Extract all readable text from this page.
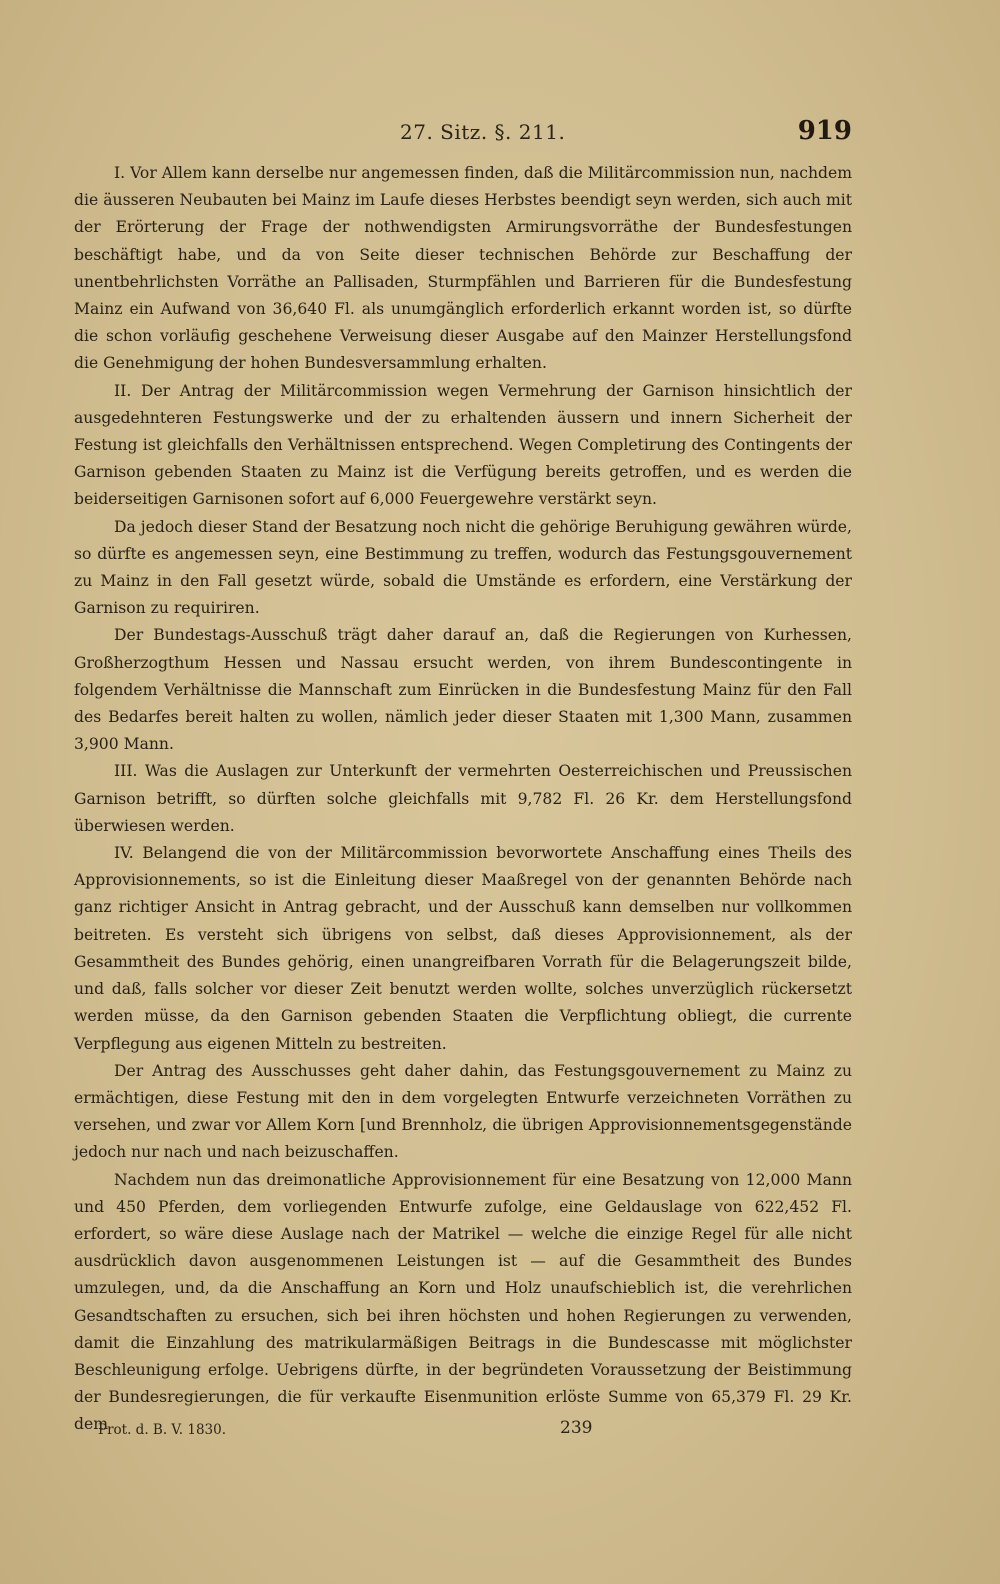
27. Sitz. §. 211.	919

I. Vor Allem kann derselbe nur angemessen finden, daß die Militärcommission nun, nachdem die äusseren Neubauten bei Mainz im Laufe dieses Herbstes beendigt seyn werden, sich auch mit der Erörterung der Frage der nothwendigsten Armirungsvorräthe der Bundesfestungen beschäftigt habe, und da von Seite dieser technischen Behörde zur Beschaffung der unentbehrlichsten Vorräthe an Pallisaden, Sturmpfählen und Barrieren für die Bundesfestung Mainz ein Aufwand von 36,640 Fl. als unumgänglich erforderlich erkannt worden ist, so dürfte die schon vorläufig geschehene Verweisung dieser Ausgabe auf den Mainzer Herstellungsfond die Genehmigung der hohen Bundesversammlung erhalten.

II. Der Antrag der Militärcommission wegen Vermehrung der Garnison hinsichtlich der ausgedehnteren Festungswerke und der zu erhaltenden äussern und innern Sicherheit der Festung ist gleichfalls den Verhältnissen entsprechend. Wegen Completirung des Contingents der Garnison gebenden Staaten zu Mainz ist die Verfügung bereits getroffen, und es werden die beiderseitigen Garnisonen sofort auf 6,000 Feuergewehre verstärkt seyn.

Da jedoch dieser Stand der Besatzung noch nicht die gehörige Beruhigung gewähren würde, so dürfte es angemessen seyn, eine Bestimmung zu treffen, wodurch das Festungsgouvernement zu Mainz in den Fall gesetzt würde, sobald die Umstände es erfordern, eine Verstärkung der Garnison zu requiriren.

Der Bundestags-Ausschuß trägt daher darauf an, daß die Regierungen von Kurhessen, Großherzogthum Hessen und Nassau ersucht werden, von ihrem Bundescontingente in folgendem Verhältnisse die Mannschaft zum Einrücken in die Bundesfestung Mainz für den Fall des Bedarfes bereit halten zu wollen, nämlich jeder dieser Staaten mit 1,300 Mann, zusammen 3,900 Mann.

III. Was die Auslagen zur Unterkunft der vermehrten Oesterreichischen und Preussischen Garnison betrifft, so dürften solche gleichfalls mit 9,782 Fl. 26 Kr. dem Herstellungsfond überwiesen werden.

IV. Belangend die von der Militärcommission bevorwortete Anschaffung eines Theils des Approvisionnements, so ist die Einleitung dieser Maaßregel von der genannten Behörde nach ganz richtiger Ansicht in Antrag gebracht, und der Ausschuß kann demselben nur vollkommen beitreten. Es versteht sich übrigens von selbst, daß dieses Approvisionnement, als der Gesammtheit des Bundes gehörig, einen unangreifbaren Vorrath für die Belagerungszeit bilde, und daß, falls solcher vor dieser Zeit benutzt werden wollte, solches unverzüglich rückersetzt werden müsse, da den Garnison gebenden Staaten die Verpflichtung obliegt, die currente Verpflegung aus eigenen Mitteln zu bestreiten.

Der Antrag des Ausschusses geht daher dahin, das Festungsgouvernement zu Mainz zu ermächtigen, diese Festung mit den in dem vorgelegten Entwurfe verzeichneten Vorräthen zu versehen, und zwar vor Allem Korn [und Brennholz, die übrigen Approvisionnementsgegenstände jedoch nur nach und nach beizuschaffen.

Nachdem nun das dreimonatliche Approvisionnement für eine Besatzung von 12,000 Mann und 450 Pferden, dem vorliegenden Entwurfe zufolge, eine Geldauslage von 622,452 Fl. erfordert, so wäre diese Auslage nach der Matrikel — welche die einzige Regel für alle nicht ausdrücklich davon ausgenommenen Leistungen ist — auf die Gesammtheit des Bundes umzulegen, und, da die Anschaffung an Korn und Holz unaufschieblich ist, die verehrlichen Gesandtschaften zu ersuchen, sich bei ihren höchsten und hohen Regierungen zu verwenden, damit die Einzahlung des matrikularmäßigen Beitrags in die Bundescasse mit möglichster Beschleunigung erfolge. Uebrigens dürfte, in der begründeten Voraussetzung der Beistimmung der Bundesregierungen, die für verkaufte Eisenmunition erlöste Summe von 65,379 Fl. 29 Kr. dem

Prot. d. B. V. 1830.	239
